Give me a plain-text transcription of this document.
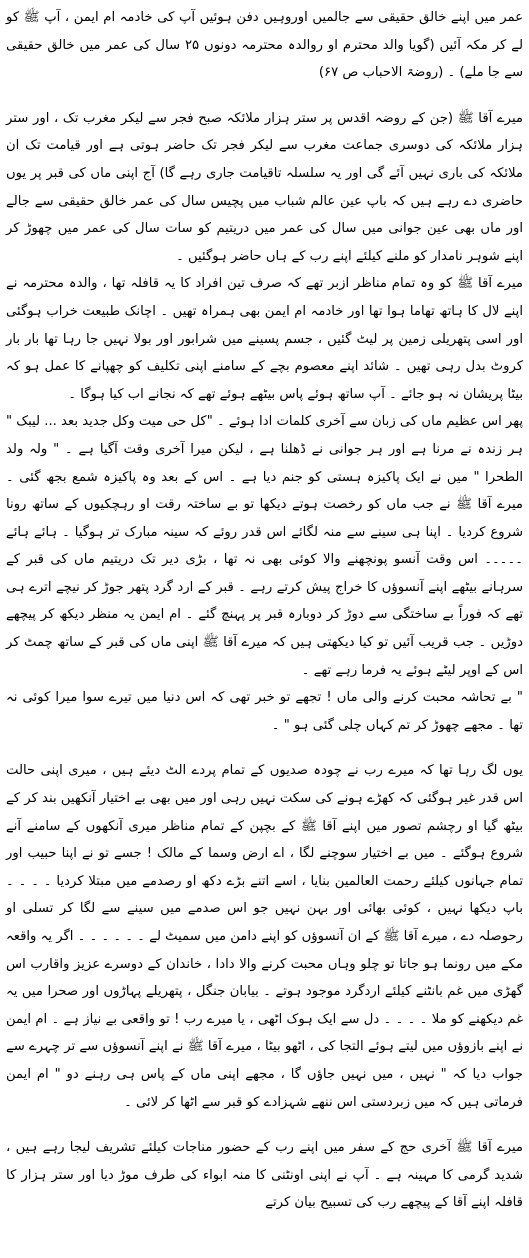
عمر میں اپنے خالق حقیقی سے جالمیں اوروہیں دفن ہوئیں آپ کی خادمہ ام ایمن ، آپ ﷺ کو لے کر مکہ آئیں (گویا والد محترم او روالدہ محترمہ دونوں ۲۵ سال کی عمر میں خالق حقیقی سے جا ملے) ۔ (روضۃ الاحباب ص ۶۷)

میرے آقا ﷺ (جن کے روضہ اقدس پر ستر ہزار ملائکہ صبح فجر سے لیکر مغرب تک ، اور ستر ہزار ملائکہ کی دوسری جماعت مغرب سے لیکر فجر تک حاضر ہوتی ہے اور قیامت تک ان ملائکہ کی باری نہیں آئے گی اور یہ سلسلہ تاقیامت جاری رہے گا) آج اپنی ماں کی قبر پر یوں حاضری دے رہے ہیں کہ باپ عین عالم شباب میں پچیس سال کی عمر خالق حقیقی سے جالے اور ماں بھی عین جوانی میں سال کی عمر میں دریتیم کو سات سال کی عمر میں چھوڑ کر اپنے شوہر نامدار کو ملنے کیلئے اپنے رب کے ہاں حاضر ہوگئیں ۔

میرے آقا ﷺ کو وہ تمام مناظر ازبر تھے کہ صرف تین افراد کا یہ قافلہ تھا ، والدہ محترمہ نے اپنے لال کا ہاتھ تھاما ہوا تھا اور خادمہ ام ایمن بھی ہمراہ تھیں ۔ اچانک طبیعت خراب ہوگئی اور اسی پتھریلی زمین پر لیٹ گئیں ، جسم پسینے میں شرابور اور بولا نہیں جا رہا تھا بار بار کروٹ بدل رہی تھیں ۔ شائد اپنے معصوم بچے کے سامنے اپنی تکلیف کو چھپانے کا عمل ہو کہ بیٹا پریشان نہ ہو جائے ۔ آپ ساتھ ہوئے پاس بیٹھے ہوئے تھے کہ نجانے اب کیا ہوگا ۔

پھر اس عظیم ماں کی زبان سے آخری کلمات ادا ہوئے ۔ "کل حی میت وکل جدید بعد ... لیبک " ہر زندہ نے مرنا ہے اور ہر جوانی نے ڈھلنا ہے ، لیکن میرا آخری وقت آگیا ہے ۔ " ولہ ولد الطحرا " میں نے ایک پاکیزہ ہستی کو جنم دیا ہے ۔ اس کے بعد وہ پاکیزہ شمع بجھ گئی ۔ میرے آقا ﷺ نے جب ماں کو رخصت ہوتے دیکھا تو بے ساختہ رقت او رہچکیوں کے ساتھ رونا شروع کردیا ۔ اپنا ہی سینے سے منہ لگائے اس قدر روئے کہ سینہ مبارک تر ہوگیا ۔ ہائے ہائے ۔۔۔۔۔ اس وقت آنسو پونچھنے والا کوئی بھی نہ تھا ، بڑی دیر تک دریتیم ماں کی قبر کے سرہانے بیٹھے اپنے آنسوؤں کا خراج پیش کرتے رہے ۔ قبر کے ارد گرد پتھر جوڑ کر نیچے اترے ہی تھے کہ فوراً بے ساختگی سے دوڑ کر دوبارہ قبر پر پہنچ گئے ۔ ام ایمن یہ منظر دیکھ کر پیچھے دوڑیں ۔ جب قریب آئیں تو کیا دیکھتی ہیں کہ میرے آقا ﷺ اپنی ماں کی قبر کے ساتھ چمٹ کر اس کے اوپر لیٹے ہوئے یہ فرما رہے تھے ۔

" بے تحاشہ محبت کرنے والی ماں ! تجھے تو خبر تھی کہ اس دنیا میں تیرے سوا میرا کوئی نہ تھا ۔ مجھے چھوڑ کر تم کہاں چلی گئی ہو " ۔

یوں لگ رہا تھا کہ میرے رب نے چودہ صدیوں کے تمام پردے الٹ دیئے ہیں ، میری اپنی حالت اس قدر غیر ہوگئی کہ کھڑے ہونے کی سکت نہیں رہی اور میں بھی بے اختیار آنکھیں بند کر کے بیٹھ گیا او رچشم تصور میں اپنے آقا ﷺ کے بچپن کے تمام مناظر میری آنکھوں کے سامنے آنے شروع ہوگئے ۔ میں بے اختیار سوچنے لگا ، اے ارض وسما کے مالک ! جسے تو نے اپنا حبیب اور تمام جہانوں کیلئے رحمت العالمین بنایا ، اسے اتنے بڑے دکھ او رصدمے میں مبتلا کردیا ۔ ۔ ۔ ۔ باپ دیکھا نہیں ، کوئی بھائی اور بہن نہیں جو اس صدمے میں سینے سے لگا کر تسلی او رحوصلہ دے ، میرے آقا ﷺ کے ان آنسوؤں کو اپنے دامن میں سمیٹ لے ۔ ۔ ۔ ۔ ۔ ۔ اگر یہ واقعہ مکے میں رونما ہو جاتا تو چلو وہاں محبت کرنے والا دادا ، خاندان کے دوسرے عزیز واقارب اس گھڑی میں غم بانٹنے کیلئے اردگرد موجود ہوتے ۔ بیابان جنگل ، پتھریلے پہاڑوں اور صحرا میں یہ غم دیکھنے کو ملا ۔ ۔ ۔ ۔ دل سے ایک ہوک اٹھی ، یا میرے رب ! تو واقعی بے نیاز ہے ۔ ام ایمن نے اپنے بازوؤں میں لیتے ہوئے التجا کی ، اٹھو بیٹا ، میرے آقا ﷺ نے اپنے آنسوؤں سے تر چہرے سے جواب دیا کہ " نہیں ، میں نہیں جاؤں گا ، مجھے اپنی ماں کے پاس ہی رہنے دو " ام ایمن فرماتی ہیں کہ میں زبردستی اس ننھے شہزادے کو قبر سے اٹھا کر لائی ۔

میرے آقا ﷺ آخری حج کے سفر میں اپنے رب کے حضور مناجات کیلئے تشریف لیجا رہے ہیں ، شدید گرمی کا مہینہ ہے ۔ آپ نے اپنی اونٹنی کا منہ ابواء کی طرف موڑ دیا اور ستر ہزار کا قافلہ اپنے آقا کے پیچھے رب کی تسبیح بیان کرتے
